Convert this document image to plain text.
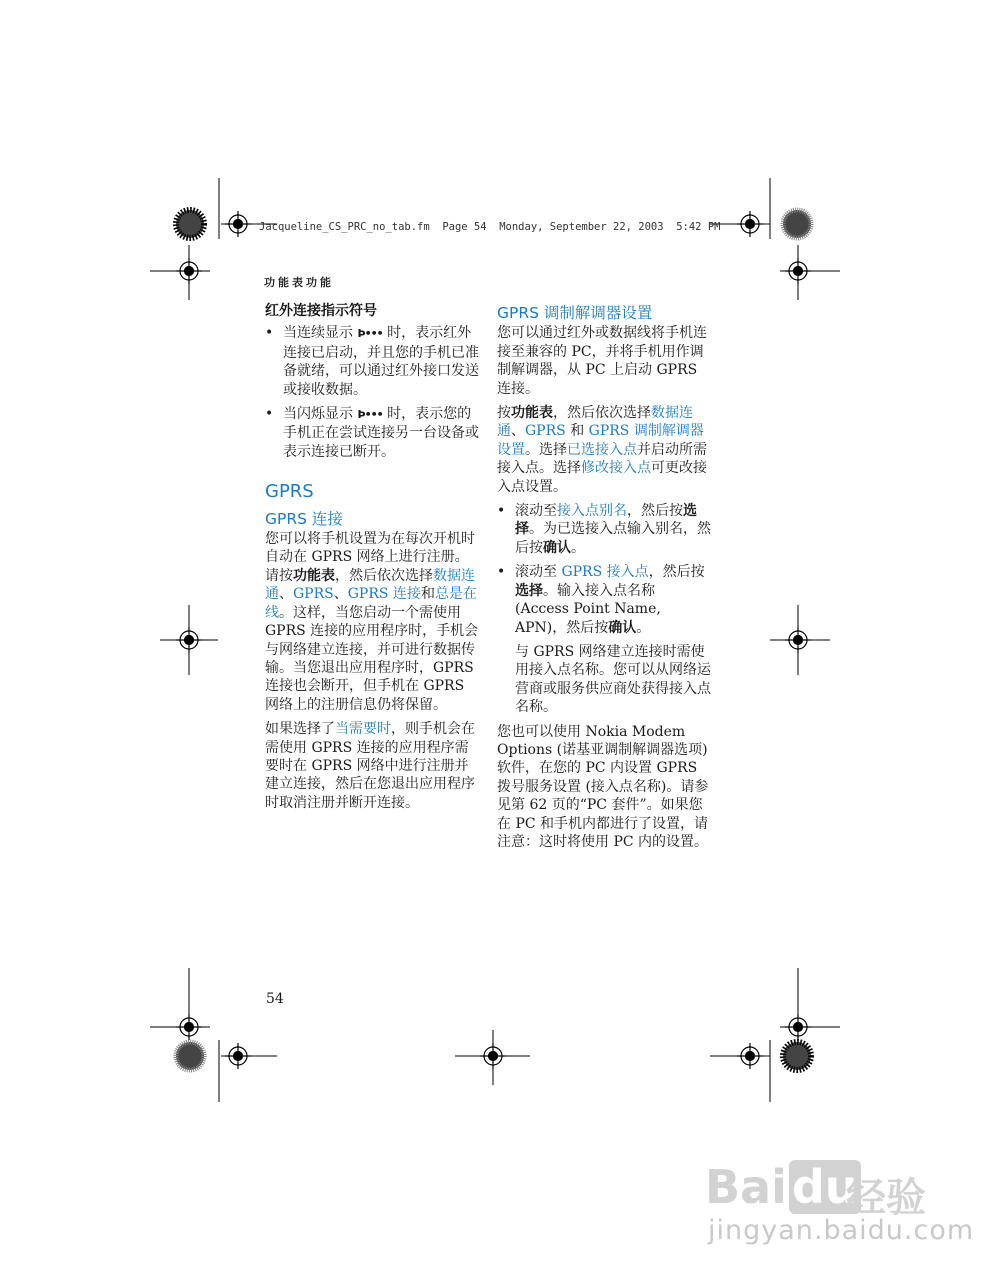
Jacqueline_CS_PRC_no_tab.fm  Page 54  Monday, September 22, 2003  5:42 PM
功能表功能
红外连接指示符号
• 当连续显示 Þ••• 时，表示红外连接已启动，并且您的手机已准备就绪，可以通过红外接口发送或接收数据。
• 当闪烁显示 Þ••• 时，表示您的手机正在尝试连接另一台设备或表示连接已断开。
GPRS
GPRS 连接

您可以将手机设置为在每次开机时自动在 GPRS 网络上进行注册。请按功能表，然后依次选择数据连通、GPRS、GPRS 连接和总是在线。这样，当您启动一个需使用 GPRS 连接的应用程序时，手机会与网络建立连接，并可进行数据传输。当您退出应用程序时，GPRS 连接也会断开，但手机在 GPRS 网络上的注册信息仍将保留。

如果选择了当需要时，则手机会在需使用 GPRS 连接的应用程序需要时在 GPRS 网络中进行注册并建立连接，然后在您退出应用程序时取消注册并断开连接。

GPRS 调制解调器设置

您可以通过红外或数据线将手机连接至兼容的 PC，并将手机用作调制解调器，从 PC 上启动 GPRS 连接。

按功能表，然后依次选择数据连通、GPRS 和 GPRS 调制解调器设置。选择已选接入点并启动所需接入点。选择修改接入点可更改接入点设置。

• 滚动至接入点别名，然后按选择。为已选接入点输入别名，然后按确认。
• 滚动至 GPRS 接入点，然后按选择。输入接入点名称 (Access Point Name, APN)，然后按确认。

与 GPRS 网络建立连接时需使用接入点名称。您可以从网络运营商或服务供应商处获得接入点名称。

您也可以使用 Nokia Modem Options (诺基亚调制解调器选项) 软件，在您的 PC 内设置 GPRS 拨号服务设置 (接入点名称)。请参见第 62 页的“PC 套件”。如果您在 PC 和手机内都进行了设置，请注意：这时将使用 PC 内的设置。

54
Bai du
经验
jingyan.baidu.com
